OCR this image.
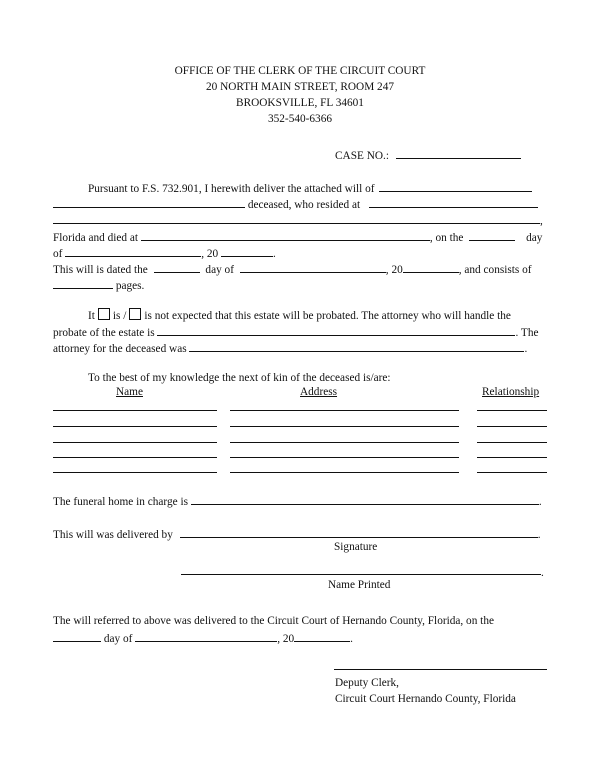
OFFICE OF THE CLERK OF THE CIRCUIT COURT
20 NORTH MAIN STREET, ROOM 247
BROOKSVILLE, FL 34601
352-540-6366
CASE NO.:
Pursuant to F.S. 732.901, I herewith deliver the attached will of
deceased, who resided at
,
Florida and died at	, on the	day
of	, 20	.
This will is dated the	day of	, 20	, and consists of
pages.
It is / is not expected that this estate will be probated. The attorney who will handle the
probate of the estate is	. The
attorney for the deceased was	.
To the best of my knowledge the next of kin of the deceased is/are:
Name	Address	Relationship
The funeral home in charge is	.
This will was delivered by	.
Signature
.
Name Printed
The will referred to above was delivered to the Circuit Court of Hernando County, Florida, on the
day of	, 20	.
Deputy Clerk,
Circuit Court Hernando County, Florida
